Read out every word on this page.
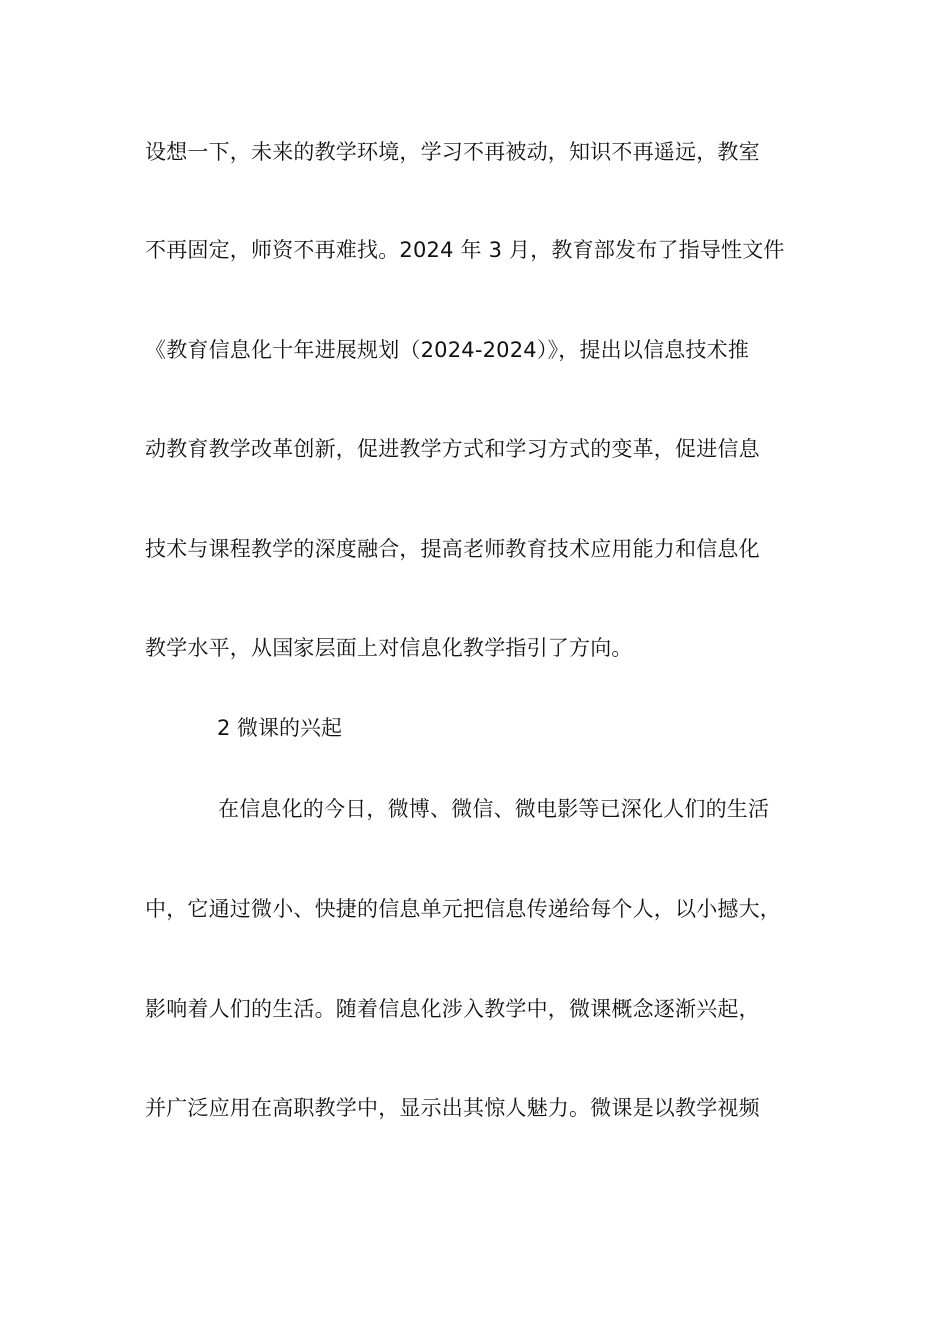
设想一下，未来的教学环境，学习不再被动，知识不再遥远，教室
不再固定，师资不再难找。2024 年 3 月，教育部发布了指导性文件
《教育信息化十年进展规划（2024-2024）》，提出以信息技术推
动教育教学改革创新，促进教学方式和学习方式的变革，促进信息
技术与课程教学的深度融合，提高老师教育技术应用能力和信息化
教学水平，从国家层面上对信息化教学指引了方向。
2 微课的兴起
在信息化的今日，微博、微信、微电影等已深化人们的生活
中，它通过微小、快捷的信息单元把信息传递给每个人，以小撼大，
影响着人们的生活。随着信息化涉入教学中，微课概念逐渐兴起，
并广泛应用在高职教学中，显示出其惊人魅力。微课是以教学视频
